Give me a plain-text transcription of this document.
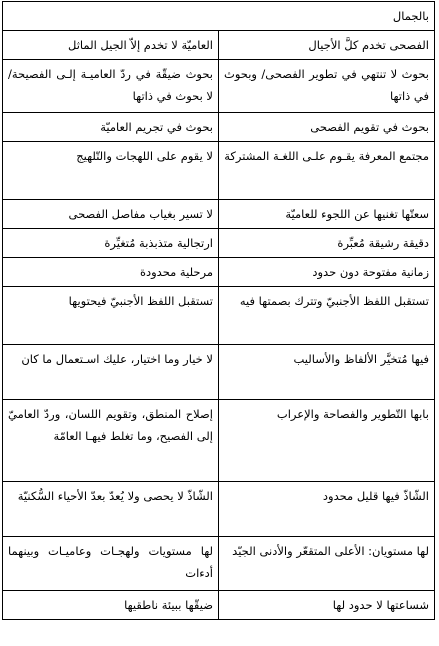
بالجمال	
الفصحى تخدم كلَّ الأجيال	العاميّة لا تخدم إلاّ الجيل الماثل
بحوث لا تنتهي في تطوير الفصحى/ وبحوث في ذاتها	بحوث ضيقّة في ردّ العاميـة إلـى الفصيحة/ لا بحوث في ذاتها
بحوث في تقويم الفصحى	بحوث في تجريم العاميّة
مجتمع المعرفة يقـوم علـى اللغـة المشتركة	لا يقوم على اللهجات والتّلهيج
سعتّها تغنيها عن اللجوء للعاميّة	لا تسير بغياب مفاصل الفصحى
دقيقة رشيقة مُعبِّرة	ارتجالية متذبذبة مُتغيِّرة
زمانية مفتوحة دون حدود	مرحلية محدودة
تستقبل اللفظ الأجنبيّ وتترك بصمتها فيه	تستقبل اللفظ الأجنبيّ فيحتويها
فيها مُتخيَّر الألفاظ والأساليب	لا خيار وما اختيار، عليك اسـتعمال ما كان
بابها التّطوير والفصاحة والإعراب	إصلاح المنطق، وتقويم اللسان، وردّ العاميّ إلى الفصيح، وما تغلط فيهـا العامّة
الشّاذّ فيها قليل محدود	الشّاذّ لا يحصى ولا يُعدّ بعدّ الأحياء السُّكنيّة
لها مستويان: الأعلى المتقعّر والأدنى الجيّد	لها مستويات ولهجـات وعاميـات وبينهما أدءات
شساعتها لا حدود لها	ضيقّها ببيئة ناطقيها
